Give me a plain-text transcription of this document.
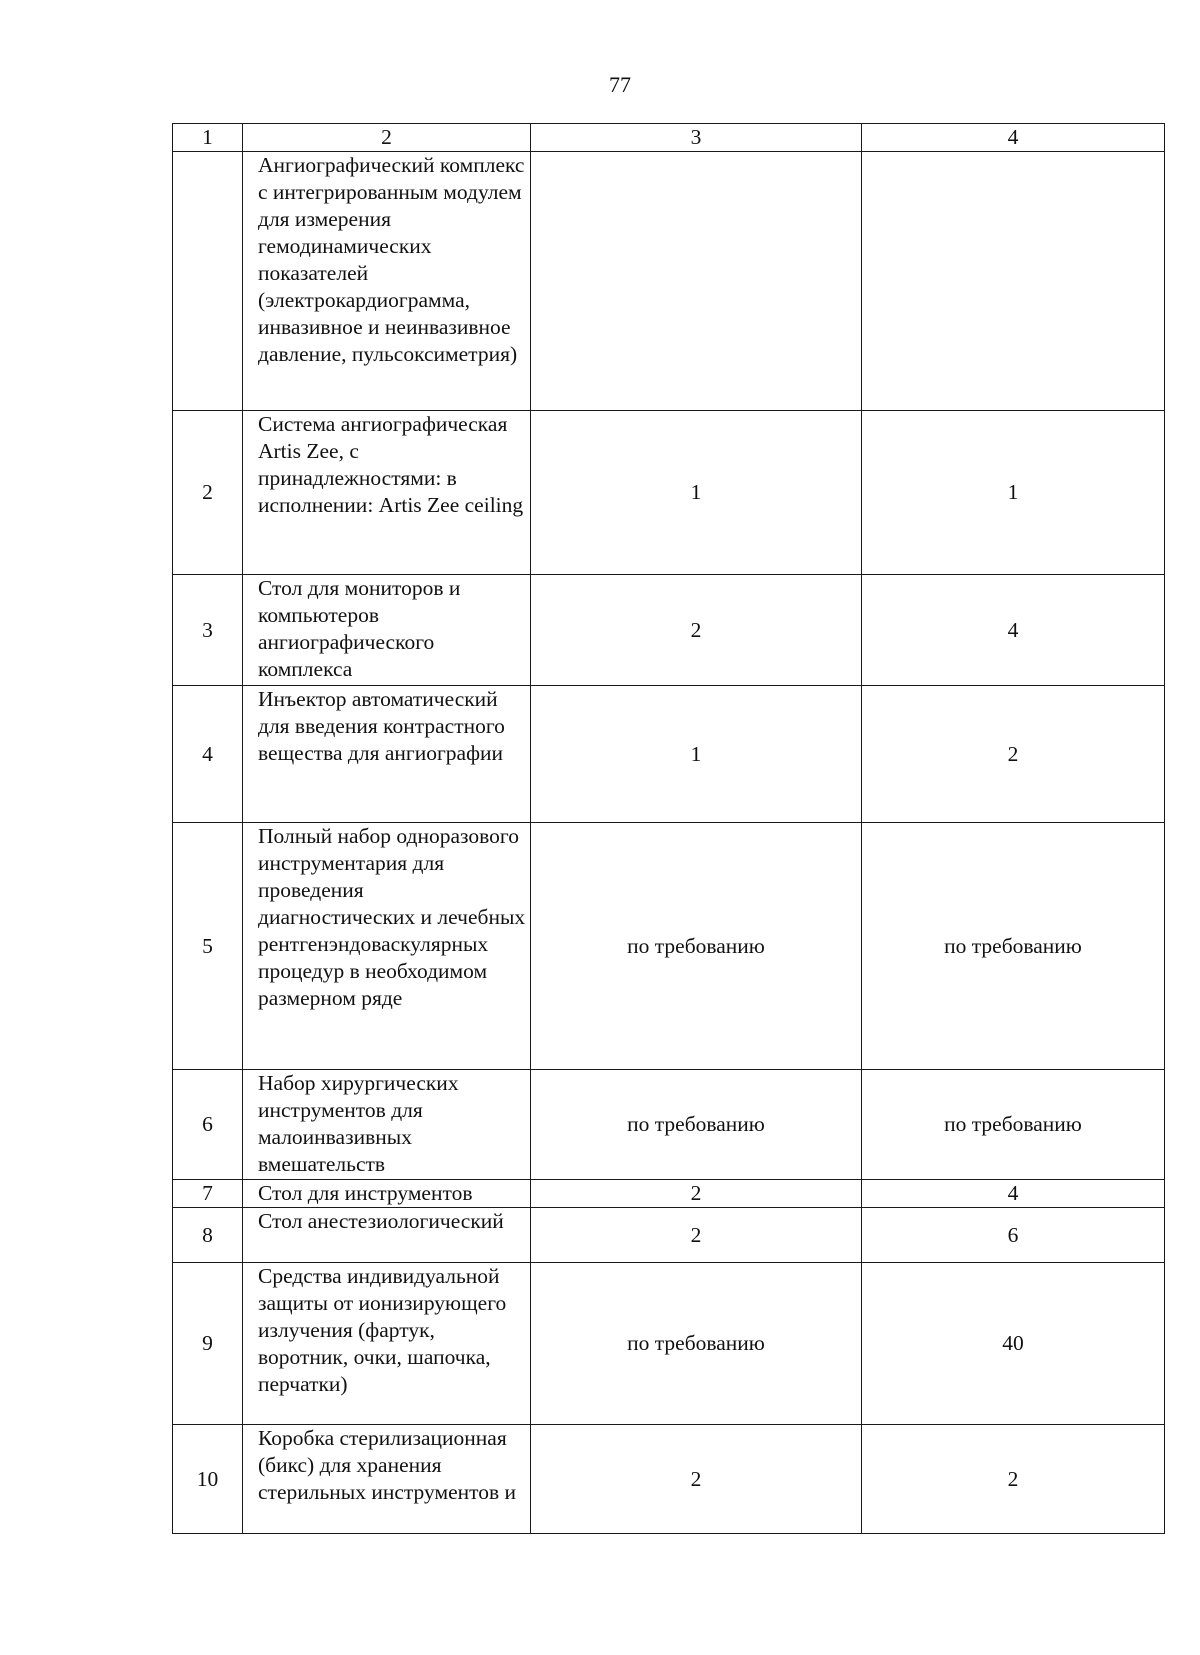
77
1	2	3	4
	Ангиографический комплекс с интегрированным модулем для измерения гемодинамических показателей (электрокардиограмма, инвазивное и неинвазивное давление, пульсоксиметрия)		
2	Система ангиографическая Artis Zee, с принадлежностями: в исполнении: Artis Zee ceiling	1	1
3	Стол для мониторов и компьютеров ангиографического комплекса	2	4
4	Инъектор автоматический для введения контрастного вещества для ангиографии	1	2
5	Полный набор одноразового инструментария для проведения диагностических и лечебных рентгенэндоваскулярных процедур в необходимом размерном ряде	по требованию	по требованию
6	Набор хирургических инструментов для малоинвазивных вмешательств	по требованию	по требованию
7	Стол для инструментов	2	4
8	Стол анестезиологический	2	6
9	Средства индивидуальной защиты от ионизирующего излучения (фартук, воротник, очки, шапочка, перчатки)	по требованию	40
10	Коробка стерилизационная (бикс) для хранения стерильных инструментов и	2	2
